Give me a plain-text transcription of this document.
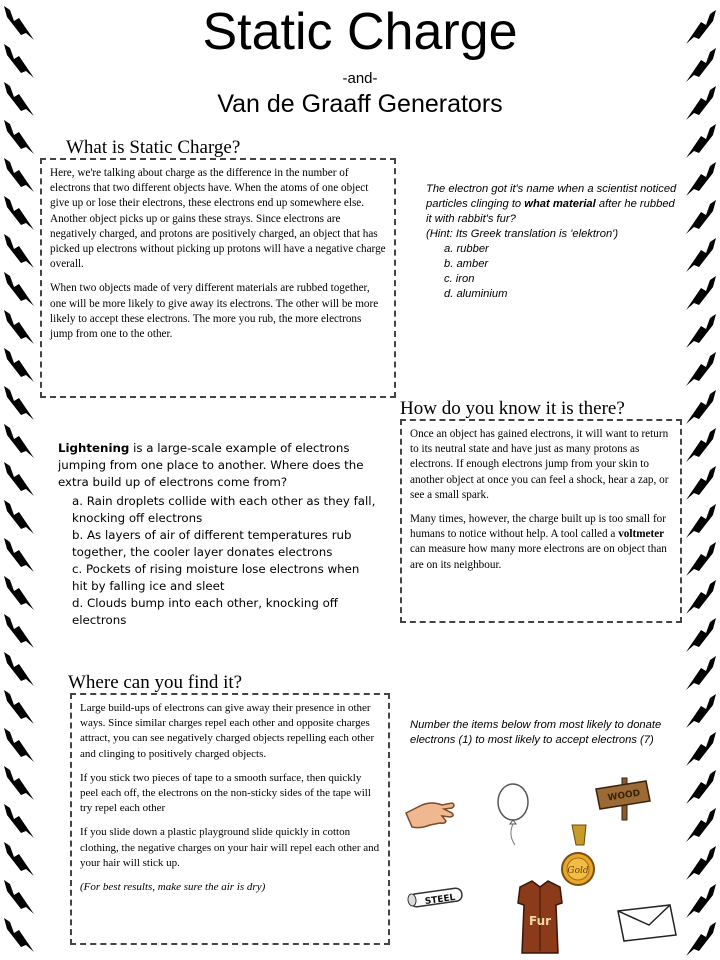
Static Charge
-and-
Van de Graaff Generators
What is Static Charge?

Here, we're talking about charge as the difference in the number of electrons that two different objects have. When the atoms of one object give up or lose their electrons, these electrons end up somewhere else. Another object picks up or gains these strays. Since electrons are negatively charged, and protons are positively charged, an object that has picked up electrons without picking up protons will have a negative charge overall.

When two objects made of very different materials are rubbed together, one will be more likely to give away its electrons. The other will be more likely to accept these electrons. The more you rub, the more electrons jump from one to the other.

The electron got it's name when a scientist noticed particles clinging to what material after he rubbed it with rabbit's fur?
(Hint: Its Greek translation is 'elektron')
a. rubber
b. amber
c. iron
d. aluminium
How do you know it is there?

Once an object has gained electrons, it will want to return to its neutral state and have just as many protons as electrons. If enough electrons jump from your skin to another object at once you can feel a shock, hear a zap, or see a small spark.

Many times, however, the charge built up is too small for humans to notice without help. A tool called a voltmeter can measure how many more electrons are on object than are on its neighbour.

Lightening is a large-scale example of electrons jumping from one place to another. Where does the extra build up of electrons come from?
a. Rain droplets collide with each other as they fall, knocking off electrons
b. As layers of air of different temperatures rub together, the cooler layer donates electrons
c. Pockets of rising moisture lose electrons when hit by falling ice and sleet
d. Clouds bump into each other, knocking off electrons
Where can you find it?

Large build-ups of electrons can give away their presence in other ways. Since similar charges repel each other and opposite charges attract, you can see negatively charged objects repelling each other and clinging to positively charged objects.

If you stick two pieces of tape to a smooth surface, then quickly peel each off, the electrons on the non-sticky sides of the tape will try repel each other

If you slide down a plastic playground slide quickly in cotton clothing, the negative charges on your hair will repel each other and your hair will stick up.

(For best results, make sure the air is dry)

Number the items below from most likely to donate electrons (1) to most likely to accept electrons (7)
WOOD
Gold
STEEL
Fur
